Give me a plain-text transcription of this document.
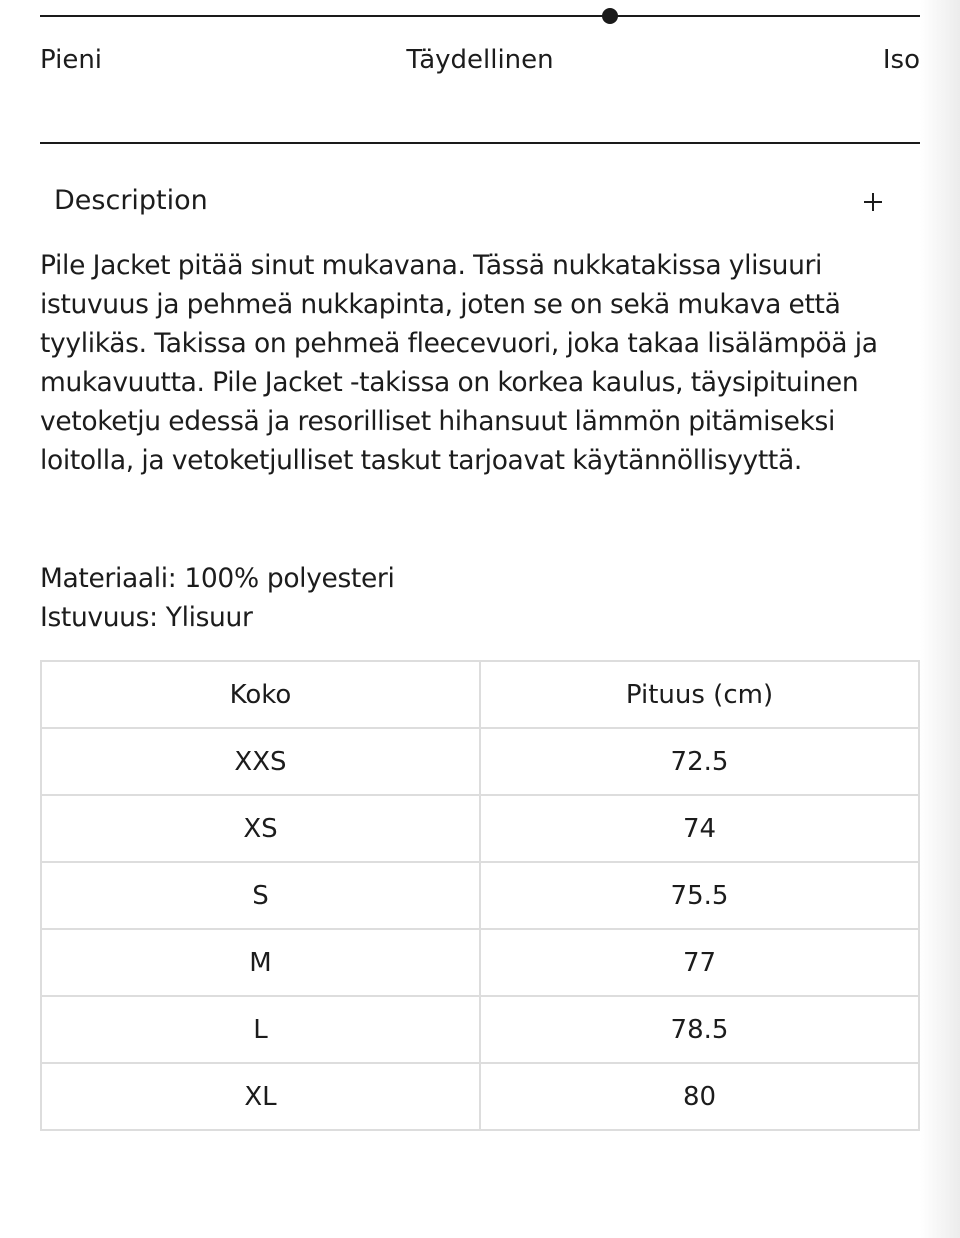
Pieni	Täydellinen	Iso
Description

Pile Jacket pitää sinut mukavana. Tässä nukkatakissa ylisuuri istuvuus ja pehmeä nukkapinta, joten se on sekä mukava että tyylikäs. Takissa on pehmeä fleecevuori, joka takaa lisälämpöä ja mukavuutta. Pile Jacket -takissa on korkea kaulus, täysipituinen vetoketju edessä ja resorilliset hihansuut lämmön pitämiseksi loitolla, ja vetoketjulliset taskut tarjoavat käytännöllisyyttä.

Materiaali: 100% polyesteri
Istuvuus: Ylisuur
Koko	Pituus (cm)
XXS	72.5
XS	74
S	75.5
M	77
L	78.5
XL	80
